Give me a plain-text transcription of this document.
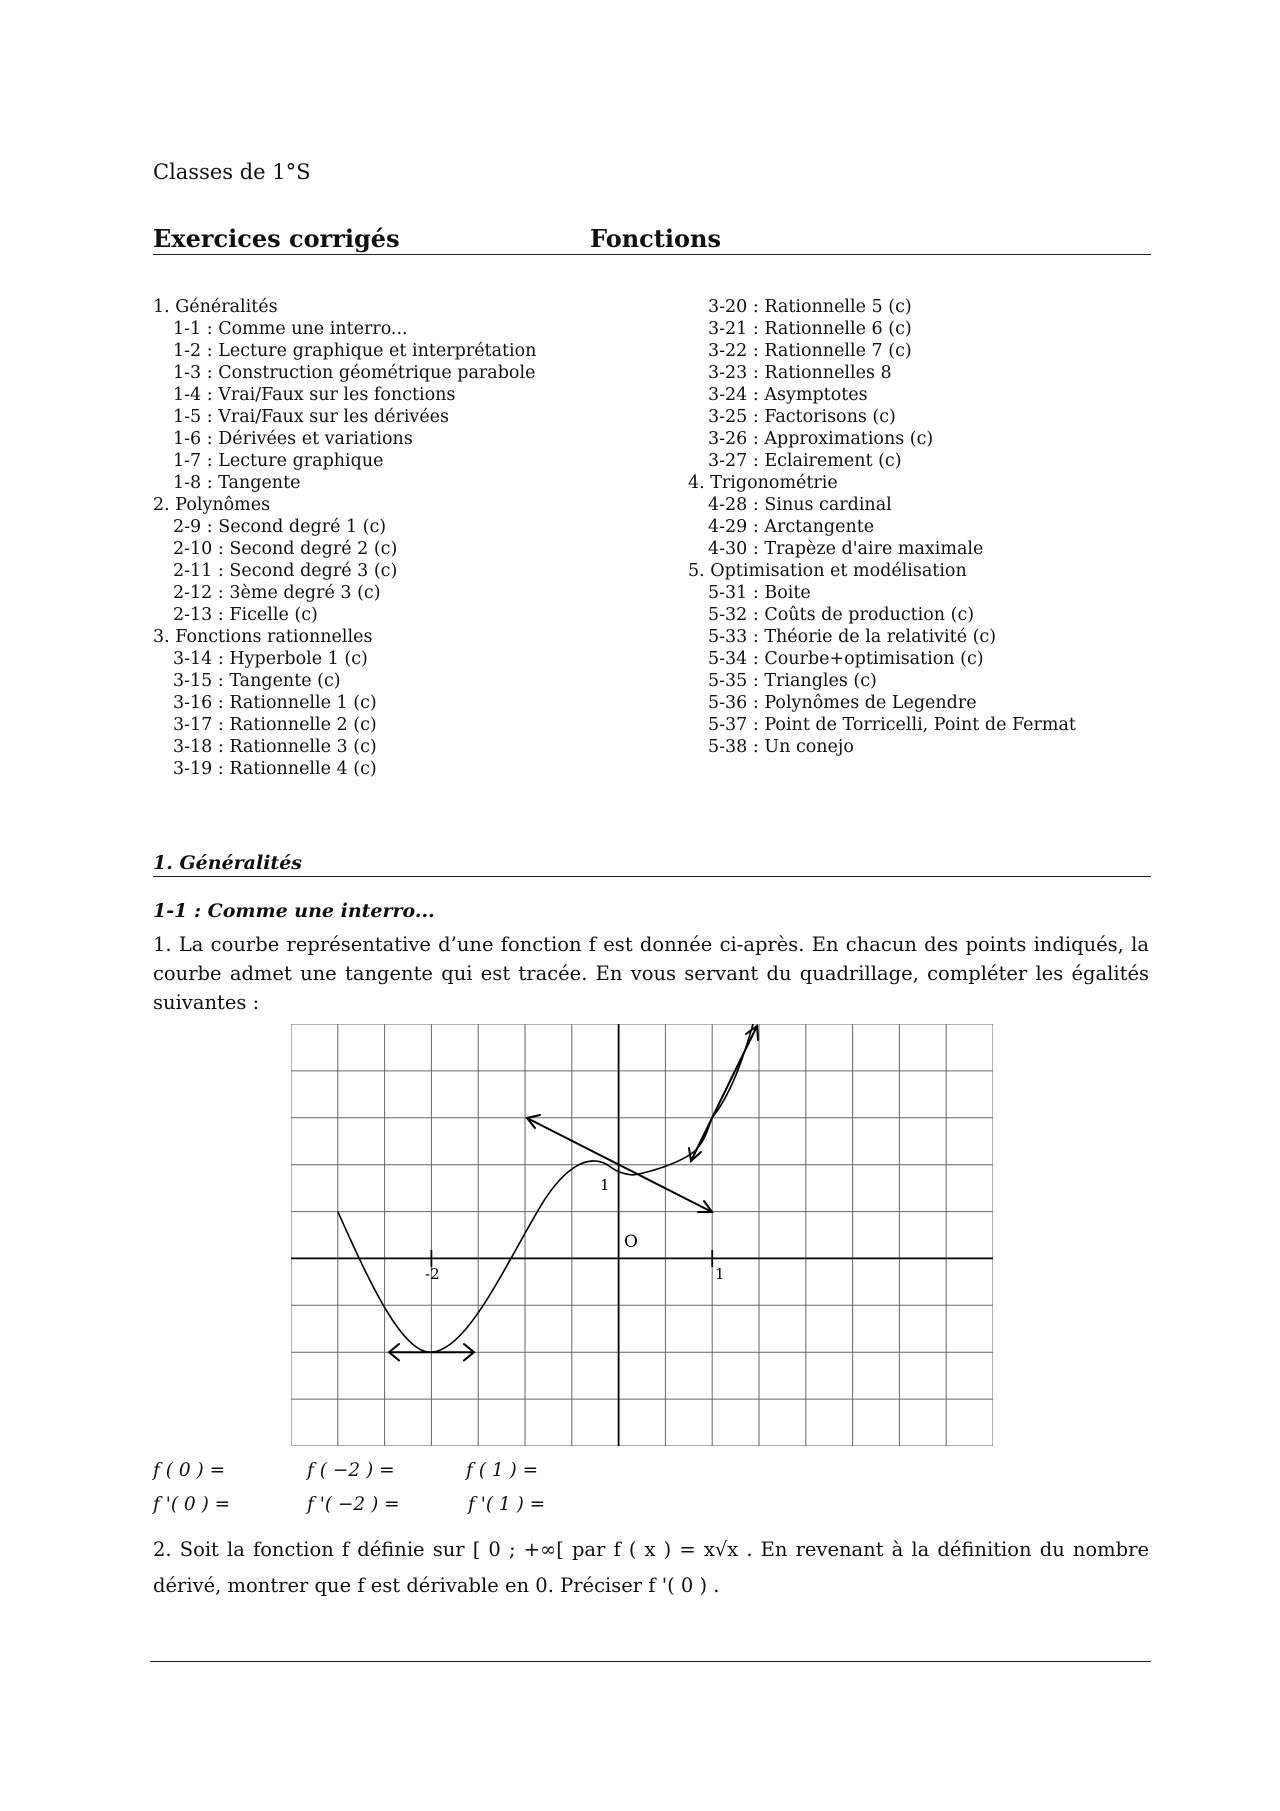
Classes de 1°S
Exercices corrigés	Fonctions
1. Généralités
1-1 : Comme une interro...
1-2 : Lecture graphique et interprétation
1-3 : Construction géométrique parabole
1-4 : Vrai/Faux sur les fonctions
1-5 : Vrai/Faux sur les dérivées
1-6 : Dérivées et variations
1-7 : Lecture graphique
1-8 : Tangente
2. Polynômes
2-9 : Second degré 1 (c)
2-10 : Second degré 2 (c)
2-11 : Second degré 3 (c)
2-12 : 3ème degré 3 (c)
2-13 : Ficelle (c)
3. Fonctions rationnelles
3-14 : Hyperbole 1 (c)
3-15 : Tangente (c)
3-16 : Rationnelle 1 (c)
3-17 : Rationnelle 2 (c)
3-18 : Rationnelle 3 (c)
3-19 : Rationnelle 4 (c)
3-20 : Rationnelle 5 (c)
3-21 : Rationnelle 6 (c)
3-22 : Rationnelle 7 (c)
3-23 : Rationnelles 8
3-24 : Asymptotes
3-25 : Factorisons (c)
3-26 : Approximations (c)
3-27 : Eclairement (c)
4. Trigonométrie
4-28 : Sinus cardinal
4-29 : Arctangente
4-30 : Trapèze d'aire maximale
5. Optimisation et modélisation
5-31 : Boite
5-32 : Coûts de production (c)
5-33 : Théorie de la relativité (c)
5-34 : Courbe+optimisation (c)
5-35 : Triangles (c)
5-36 : Polynômes de Legendre
5-37 : Point de Torricelli, Point de Fermat
5-38 : Un conejo
1. Généralités
1-1 : Comme une interro...
1. La courbe représentative d’une fonction f est donnée ci-après. En chacun des points indiqués, la courbe admet une tangente qui est tracée. En vous servant du quadrillage, compléter les égalités suivantes :
1
O
1
-2
f ( 0 ) =	f ( −2 ) =	f ( 1 ) =
f '( 0 ) =	f '( −2 ) =	f '( 1 ) =
2. Soit la fonction f définie sur [ 0 ; +∞[ par f ( x ) = x√x . En revenant à la définition du nombre dérivé, montrer que f est dérivable en 0. Préciser f '( 0 ) .
